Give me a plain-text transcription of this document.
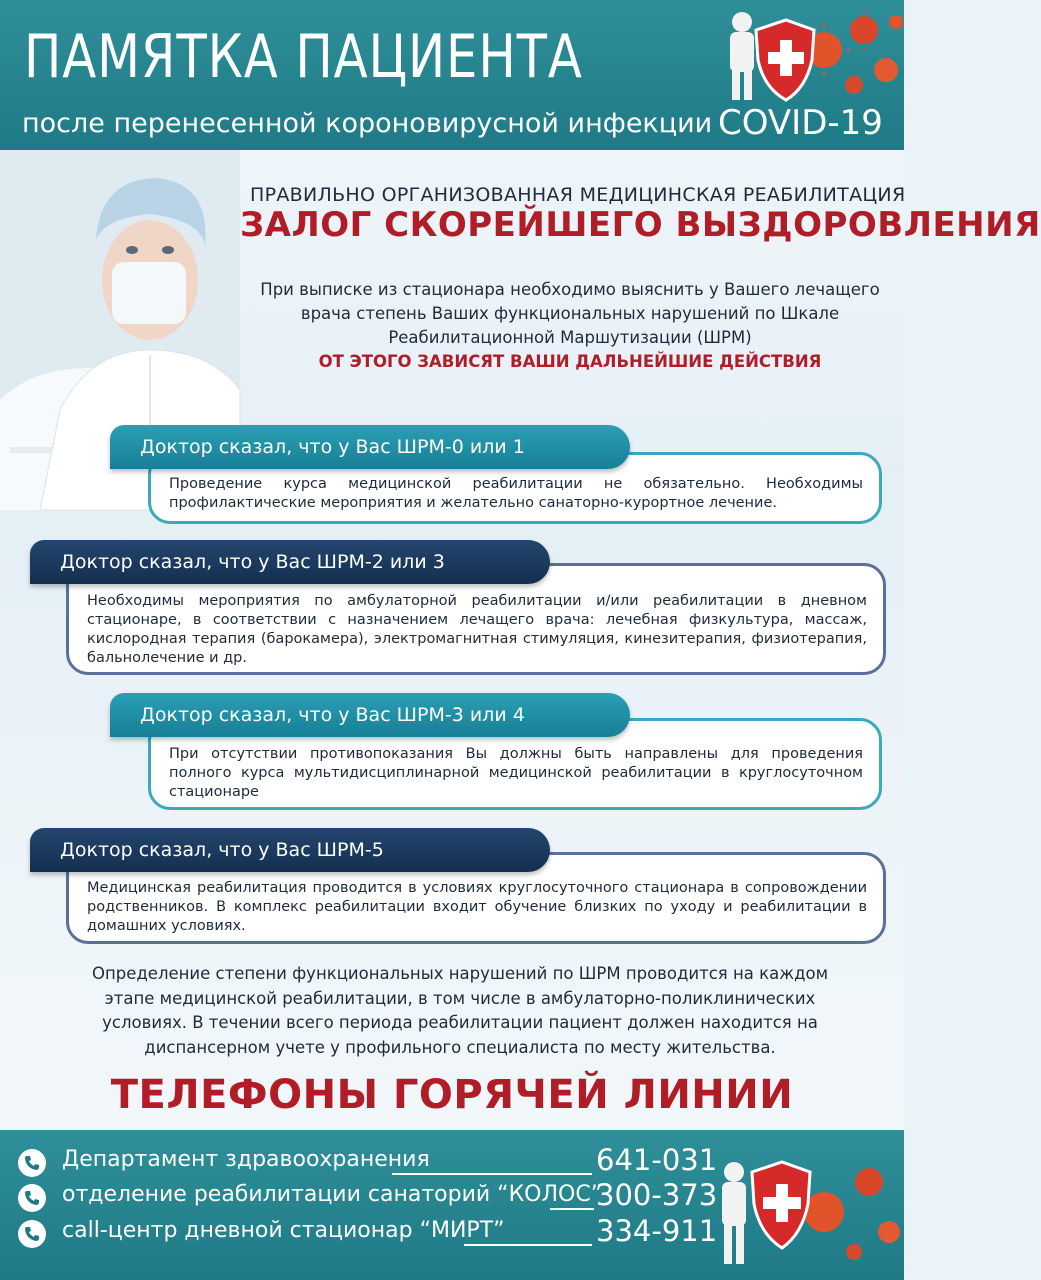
ПАМЯТКА ПАЦИЕНТА
после перенесенной короновирусной инфекции COVID-19
ПРАВИЛЬНО ОРГАНИЗОВАННАЯ МЕДИЦИНСКАЯ РЕАБИЛИТАЦИЯ
ЗАЛОГ СКОРЕЙШЕГО ВЫЗДОРОВЛЕНИЯ
При выписке из стационара необходимо выяснить у Вашего лечащего врача степень Ваших функциональных нарушений по Шкале Реабилитационной Маршутизации (ШРМ)
ОТ ЭТОГО ЗАВИСЯТ ВАШИ ДАЛЬНЕЙШИЕ ДЕЙСТВИЯ
Доктор сказал, что у Вас ШРМ-0 или 1
Проведение курса медицинской реабилитации не обязательно. Необходимы профилактические мероприятия и желательно санаторно-курортное лечение.
Доктор сказал, что у Вас ШРМ-2 или 3
Необходимы мероприятия по амбулаторной реабилитации и/или реабилитации в дневном стационаре, в соответствии с назначением лечащего врача: лечебная физкультура, массаж, кислородная терапия (барокамера), электромагнитная стимуляция, кинезитерапия, физиотерапия, бальнолечение и др.
Доктор сказал, что у Вас ШРМ-3 или 4
При отсутствии противопоказания Вы должны быть направлены для проведения полного курса мультидисциплинарной медицинской реабилитации в круглосуточном стационаре
Доктор сказал, что у Вас ШРМ-5
Медицинская реабилитация проводится в условиях круглосуточного стационара в сопровождении родственников. В комплекс реабилитации входит обучение близких по уходу и реабилитации в домашних условиях.
Определение степени функциональных нарушений по ШРМ проводится на каждом этапе медицинской реабилитации, в том числе в амбулаторно-поликлинических условиях. В течении всего периода реабилитации пациент должен находится на диспансерном учете у профильного специалиста по месту жительства.
ТЕЛЕФОНЫ ГОРЯЧЕЙ ЛИНИИ
Департамент здравоохранения	641-031
отделение реабилитации санаторий “КОЛОС”
300-373
call-центр дневной стационар “МИРТ”	334-911
